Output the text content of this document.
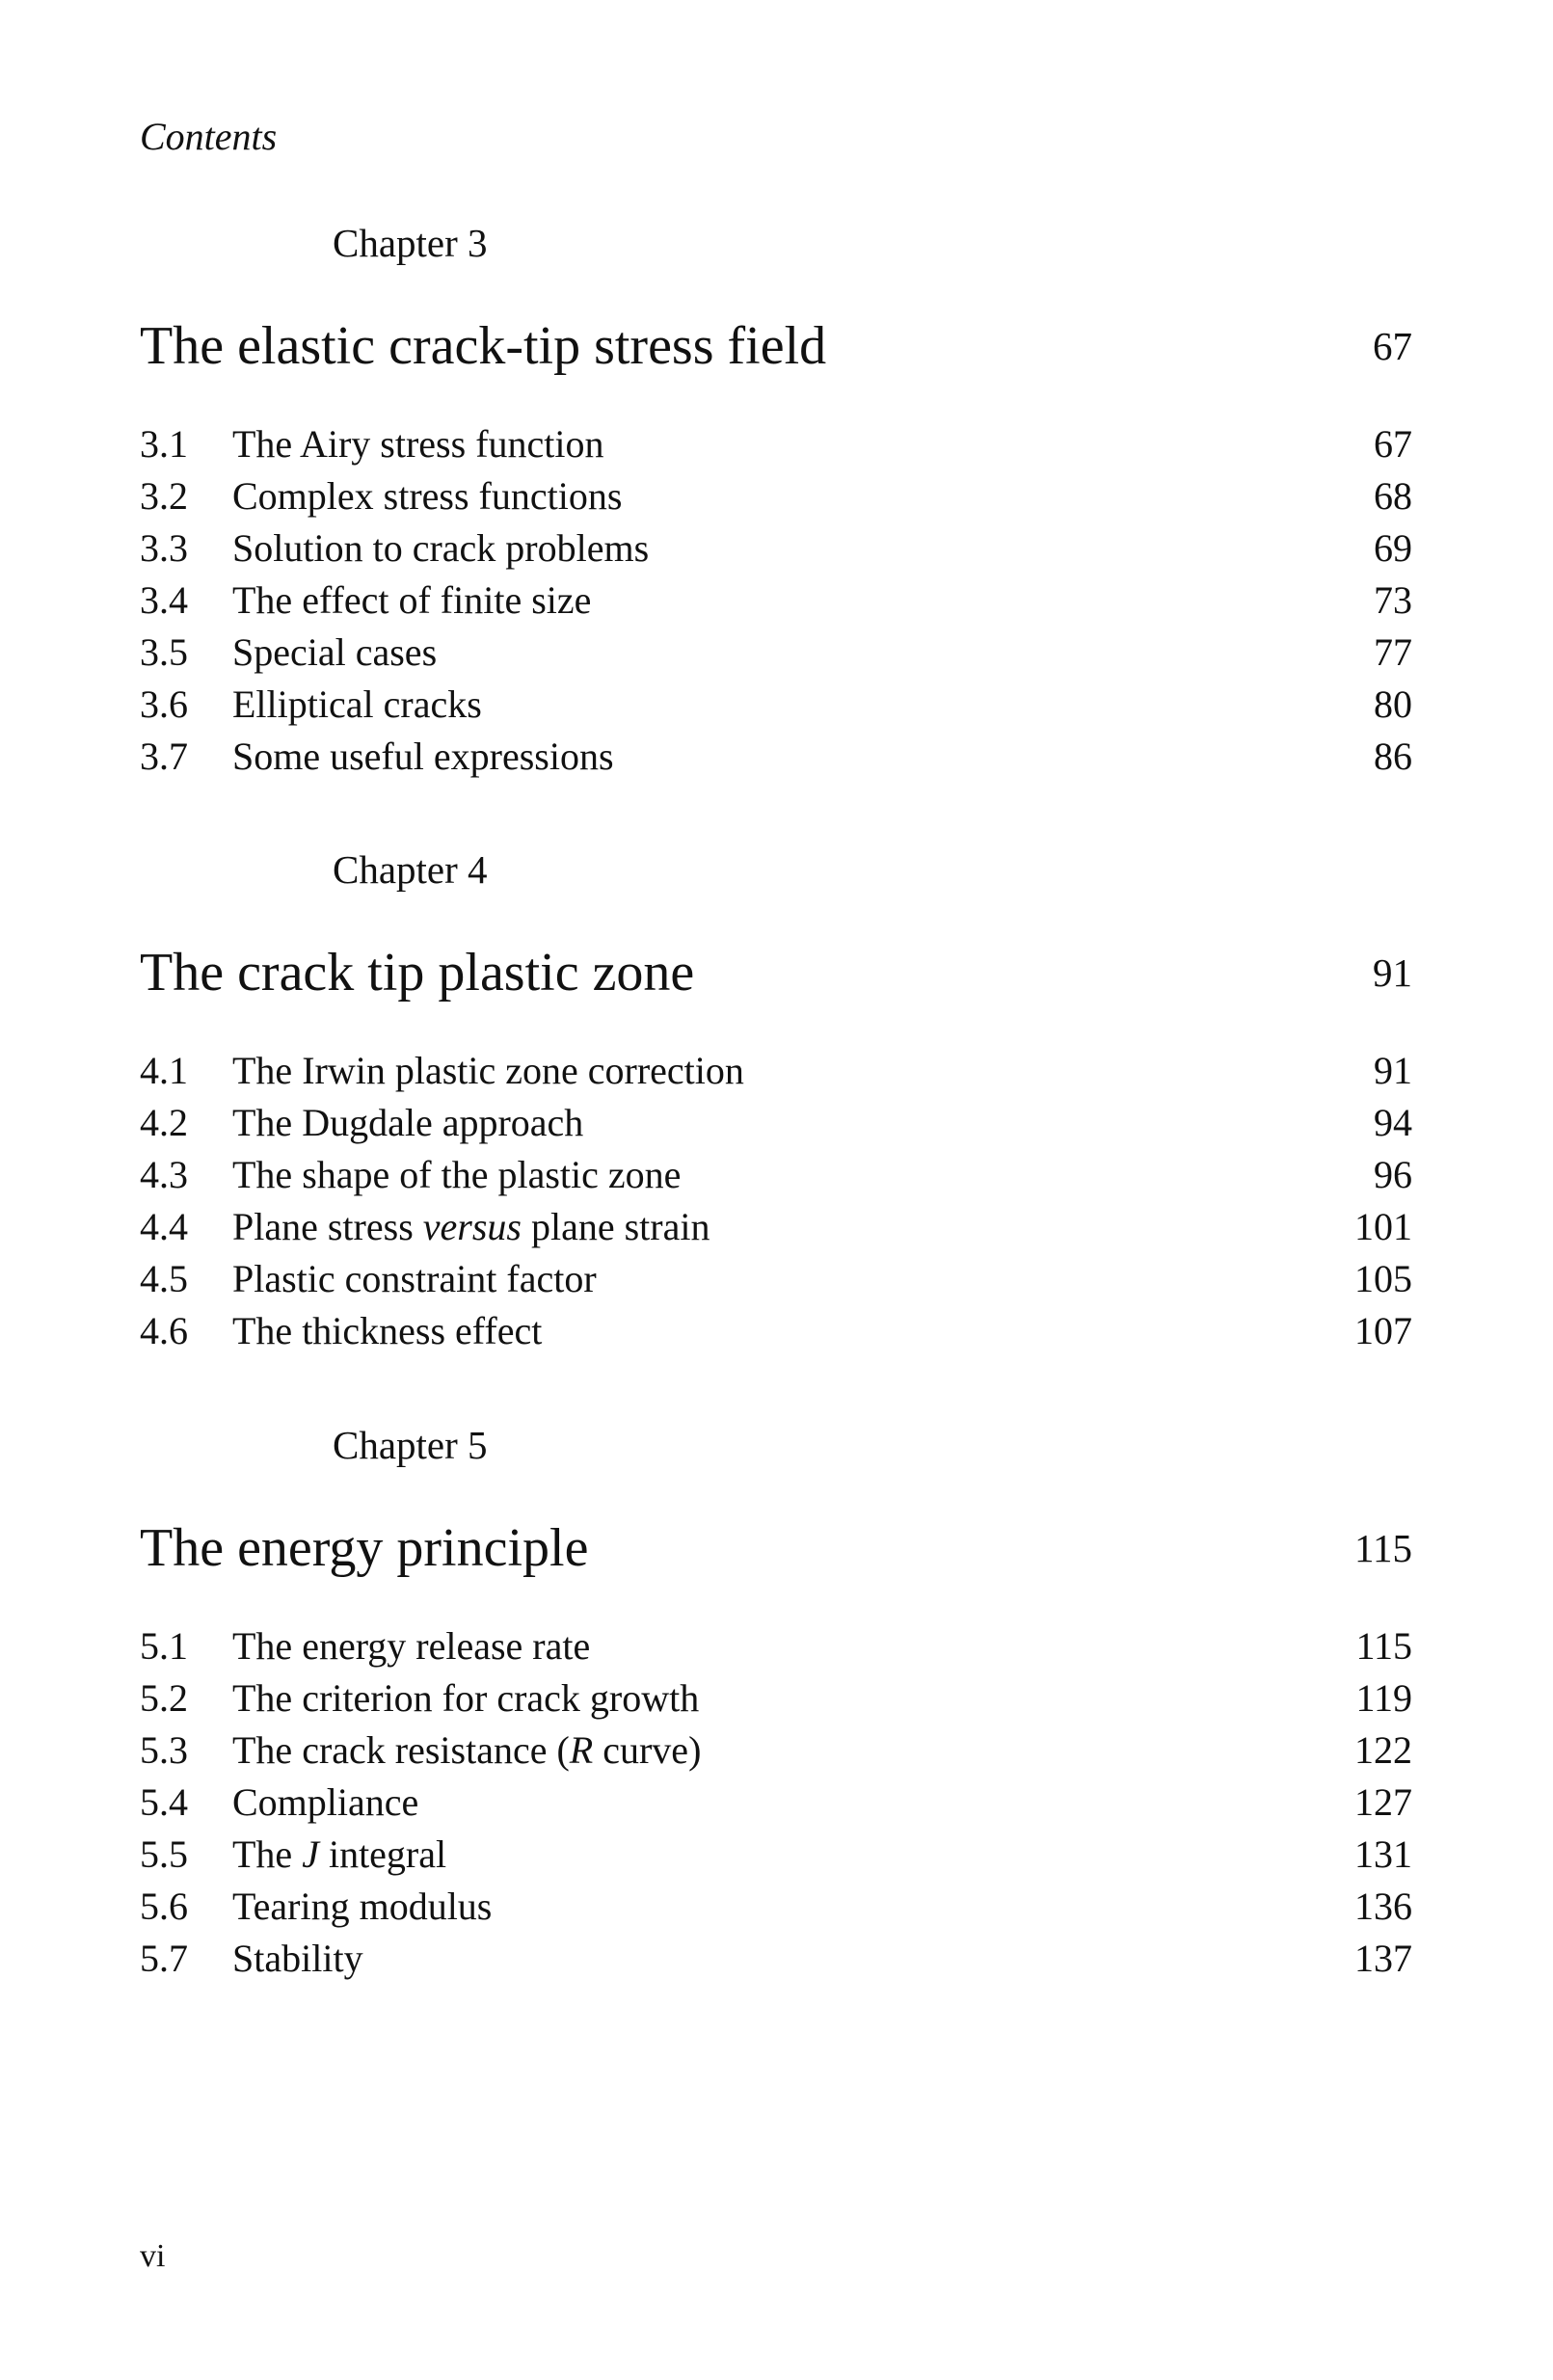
Contents
Chapter 3
The elastic crack-tip stress field	67
3.1 The Airy stress function	67
3.2 Complex stress functions	68
3.3 Solution to crack problems	69
3.4 The effect of finite size	73
3.5 Special cases	77
3.6 Elliptical cracks	80
3.7 Some useful expressions	86
Chapter 4
The crack tip plastic zone	91
4.1 The Irwin plastic zone correction	91
4.2 The Dugdale approach	94
4.3 The shape of the plastic zone	96
4.4 Plane stress versus plane strain	101
4.5 Plastic constraint factor	105
4.6 The thickness effect	107
Chapter 5
The energy principle	115
5.1 The energy release rate	115
5.2 The criterion for crack growth	119
5.3 The crack resistance (R curve)	122
5.4 Compliance	127
5.5 The J integral	131
5.6 Tearing modulus	136
5.7 Stability	137
vi
